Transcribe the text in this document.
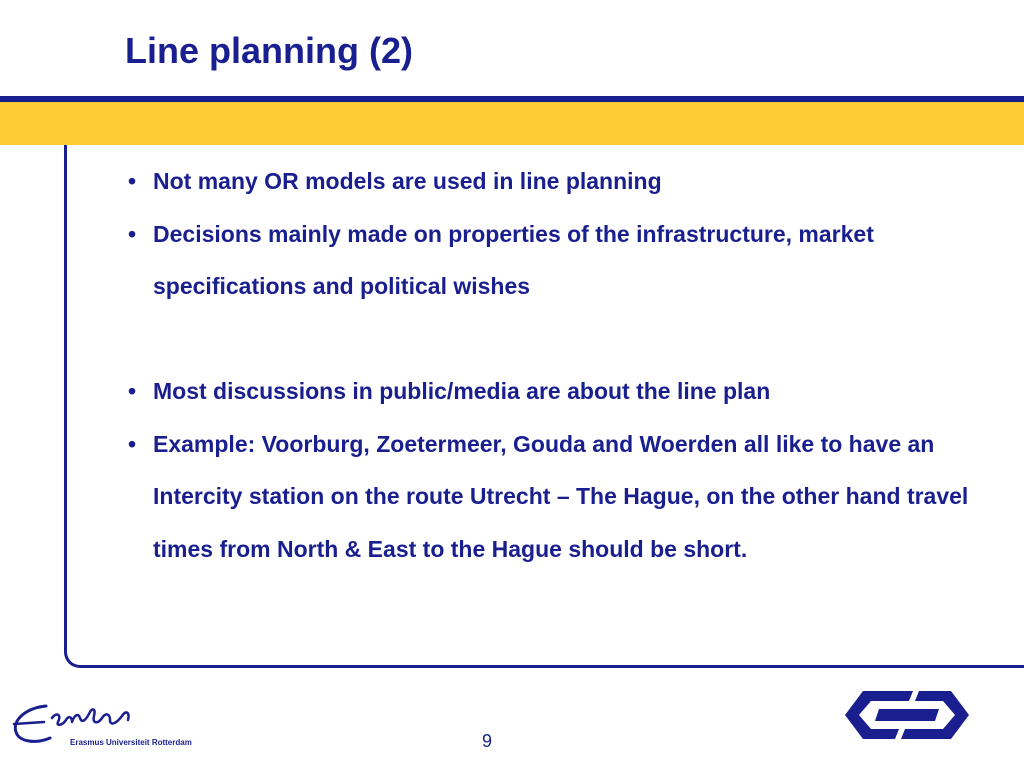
Line planning (2)
• Not many OR models are used in line planning
• Decisions mainly made on properties of the infrastructure, market specifications and political wishes
• Most discussions in public/media are about the line plan
• Example: Voorburg, Zoetermeer, Gouda and Woerden all like to have an Intercity station on the route Utrecht – The Hague, on the other hand travel times from North & East to the Hague should be short.
Erasmus Universiteit Rotterdam	9
